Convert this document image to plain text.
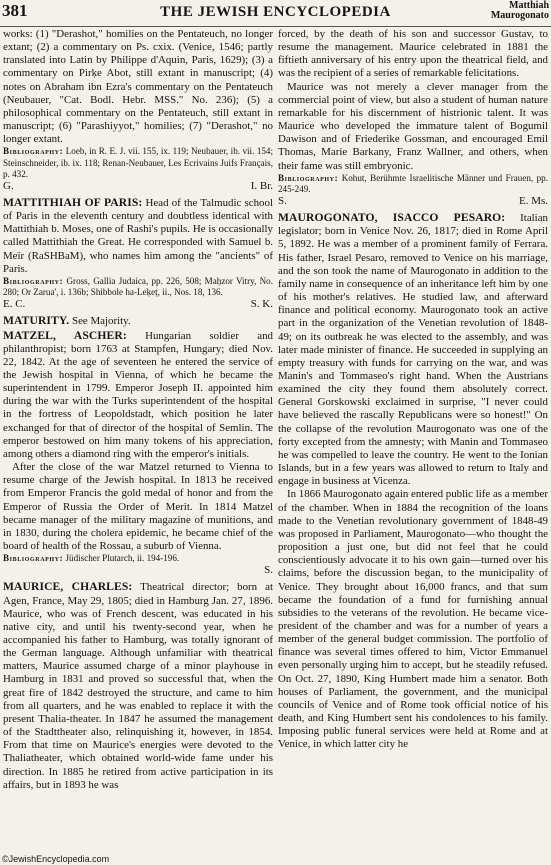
381	THE JEWISH ENCYCLOPEDIA	Matthiah
Maurogonato

works: (1) "Derashot," homilies on the Pentateuch, no longer extant; (2) a commentary on Ps. cxix. (Venice, 1546; partly translated into Latin by Philippe d'Aquin, Paris, 1629); (3) a commentary on Pirḳe Abot, still extant in manuscript; (4) notes on Abraham ibn Ezra's commentary on the Pentateuch (Neubauer, "Cat. Bodl. Hebr. MSS." No. 236); (5) a philosophical commentary on the Pentateuch, still extant in manuscript; (6) "Parashiyyot," homilies; (7) "Derashot," no longer extant.

Bibliography: Loeb, in R. E. J. vii. 155, ix. 119; Neubauer, ib. vii. 154; Steinschneider, ib. ix. 118; Renan-Neubauer, Les Ecrivains Juifs Français, p. 432.

G.	I. Br.

MATTITHIAH OF PARIS: Head of the Talmudic school of Paris in the eleventh century and doubtless identical with Mattithiah b. Moses, one of Rashi's pupils. He is occasionally called Mattithiah the Great. He corresponded with Samuel b. Meïr (RaSHBaM), who names him among the "ancients" of Paris.

Bibliography: Gross, Gallia Judaica, pp. 226, 508; Maḥzor Vitry, No. 280; Or Zarua', i. 136b; Shibbole ha-Leḳeṭ, ii., Nos. 18, 136.

E. C.	S. K.

MATURITY. See Majority.

MATZEL, ASCHER: Hungarian soldier and philanthropist; born 1763 at Stampfen, Hungary; died Nov. 22, 1842. At the age of seventeen he entered the service of the Jewish hospital in Vienna, of which he became the superintendent in 1799. Emperor Joseph II. appointed him during the war with the Turks superintendent of the hospital in the fortress of Leopoldstadt, which position he later exchanged for that of director of the hospital of Semlin. The emperor bestowed on him many tokens of his appreciation, among others a diamond ring with the emperor's initials.

After the close of the war Matzel returned to Vienna to resume charge of the Jewish hospital. In 1813 he received from Emperor Francis the gold medal of honor and from the Emperor of Russia the Order of Merit. In 1814 Matzel became manager of the military magazine of munitions, and in 1830, during the cholera epidemic, he became chief of the board of health of the Rossau, a suburb of Vienna.

Bibliography: Jüdischer Plutarch, ii. 194-196.

S.

MAURICE, CHARLES: Theatrical director; born at Agen, France, May 29, 1805; died in Hamburg Jan. 27, 1896. Maurice, who was of French descent, was educated in his native city, and until his twenty-second year, when he accompanied his father to Hamburg, was totally ignorant of the German language. Although unfamiliar with theatrical matters, Maurice assumed charge of a minor playhouse in Hamburg in 1831 and proved so successful that, when the great fire of 1842 destroyed the structure, and came to him from all quarters, and he was enabled to replace it with the present Thalia-theater. In 1847 he assumed the management of the Stadttheater also, relinquishing it, however, in 1854. From that time on Maurice's energies were devoted to the Thaliatheater, which obtained world-wide fame under his direction. In 1885 he retired from active participation in its affairs, but in 1893 he was

forced, by the death of his son and successor Gustav, to resume the management. Maurice celebrated in 1881 the fiftieth anniversary of his entry upon the theatrical field, and was the recipient of a series of remarkable felicitations.

Maurice was not merely a clever manager from the commercial point of view, but also a student of human nature remarkable for his discernment of histrionic talent. It was Maurice who developed the immature talent of Bogumil Dawison and of Friederike Gossman, and encouraged Emil Thomas, Marie Barkany, Franz Wallner, and others, when their fame was still embryonic.

Bibliography: Kohut, Berühmte Israelitische Männer und Frauen, pp. 245-249.

S.	E. Ms.

MAUROGONATO, ISACCO PESARO: Italian legislator; born in Venice Nov. 26, 1817; died in Rome April 5, 1892. He was a member of a prominent family of Ferrara. His father, Israel Pesaro, removed to Venice on his marriage, and the son took the name of Maurogonato in addition to the family name in consequence of an inheritance left him by one of his mother's relatives. He studied law, and afterward finance and political economy. Maurogonato took an active part in the organization of the Venetian revolution of 1848-49; on its outbreak he was elected to the assembly, and was later made minister of finance. He succeeded in supplying an empty treasury with funds for carrying on the war, and was Manin's and Tommaseo's right hand. When the Austrians examined the city they found them absolutely correct. General Gorskowski exclaimed in surprise, "I never could have believed the rascally Republicans were so honest!" On the collapse of the revolution Maurogonato was one of the forty excepted from the amnesty; with Manin and Tommaseo he was compelled to leave the country. He went to the Ionian Islands, but in a few years was allowed to return to Italy and engage in business at Vicenza.

In 1866 Maurogonato again entered public life as a member of the chamber. When in 1884 the recognition of the loans made to the Venetian revolutionary government of 1848-49 was proposed in Parliament, Maurogonato—who thought the proposition a just one, but did not feel that he could conscientiously advocate it to his own gain—turned over his claims, before the discussion began, to the municipality of Venice. They brought about 16,000 francs, and that sum became the foundation of a fund for furnishing annual subsidies to the veterans of the revolution. He became vice-president of the chamber and was for a number of years a member of the general budget commission. The portfolio of finance was several times offered to him, Victor Emmanuel even personally urging him to accept, but he steadily refused. On Oct. 27, 1890, King Humbert made him a senator. Both houses of Parliament, the government, and the municipal councils of Venice and of Rome took official notice of his death, and King Humbert sent his condolences to his family. Imposing public funeral services were held at Rome and at Venice, in which latter city he

©JewishEncyclopedia.com
